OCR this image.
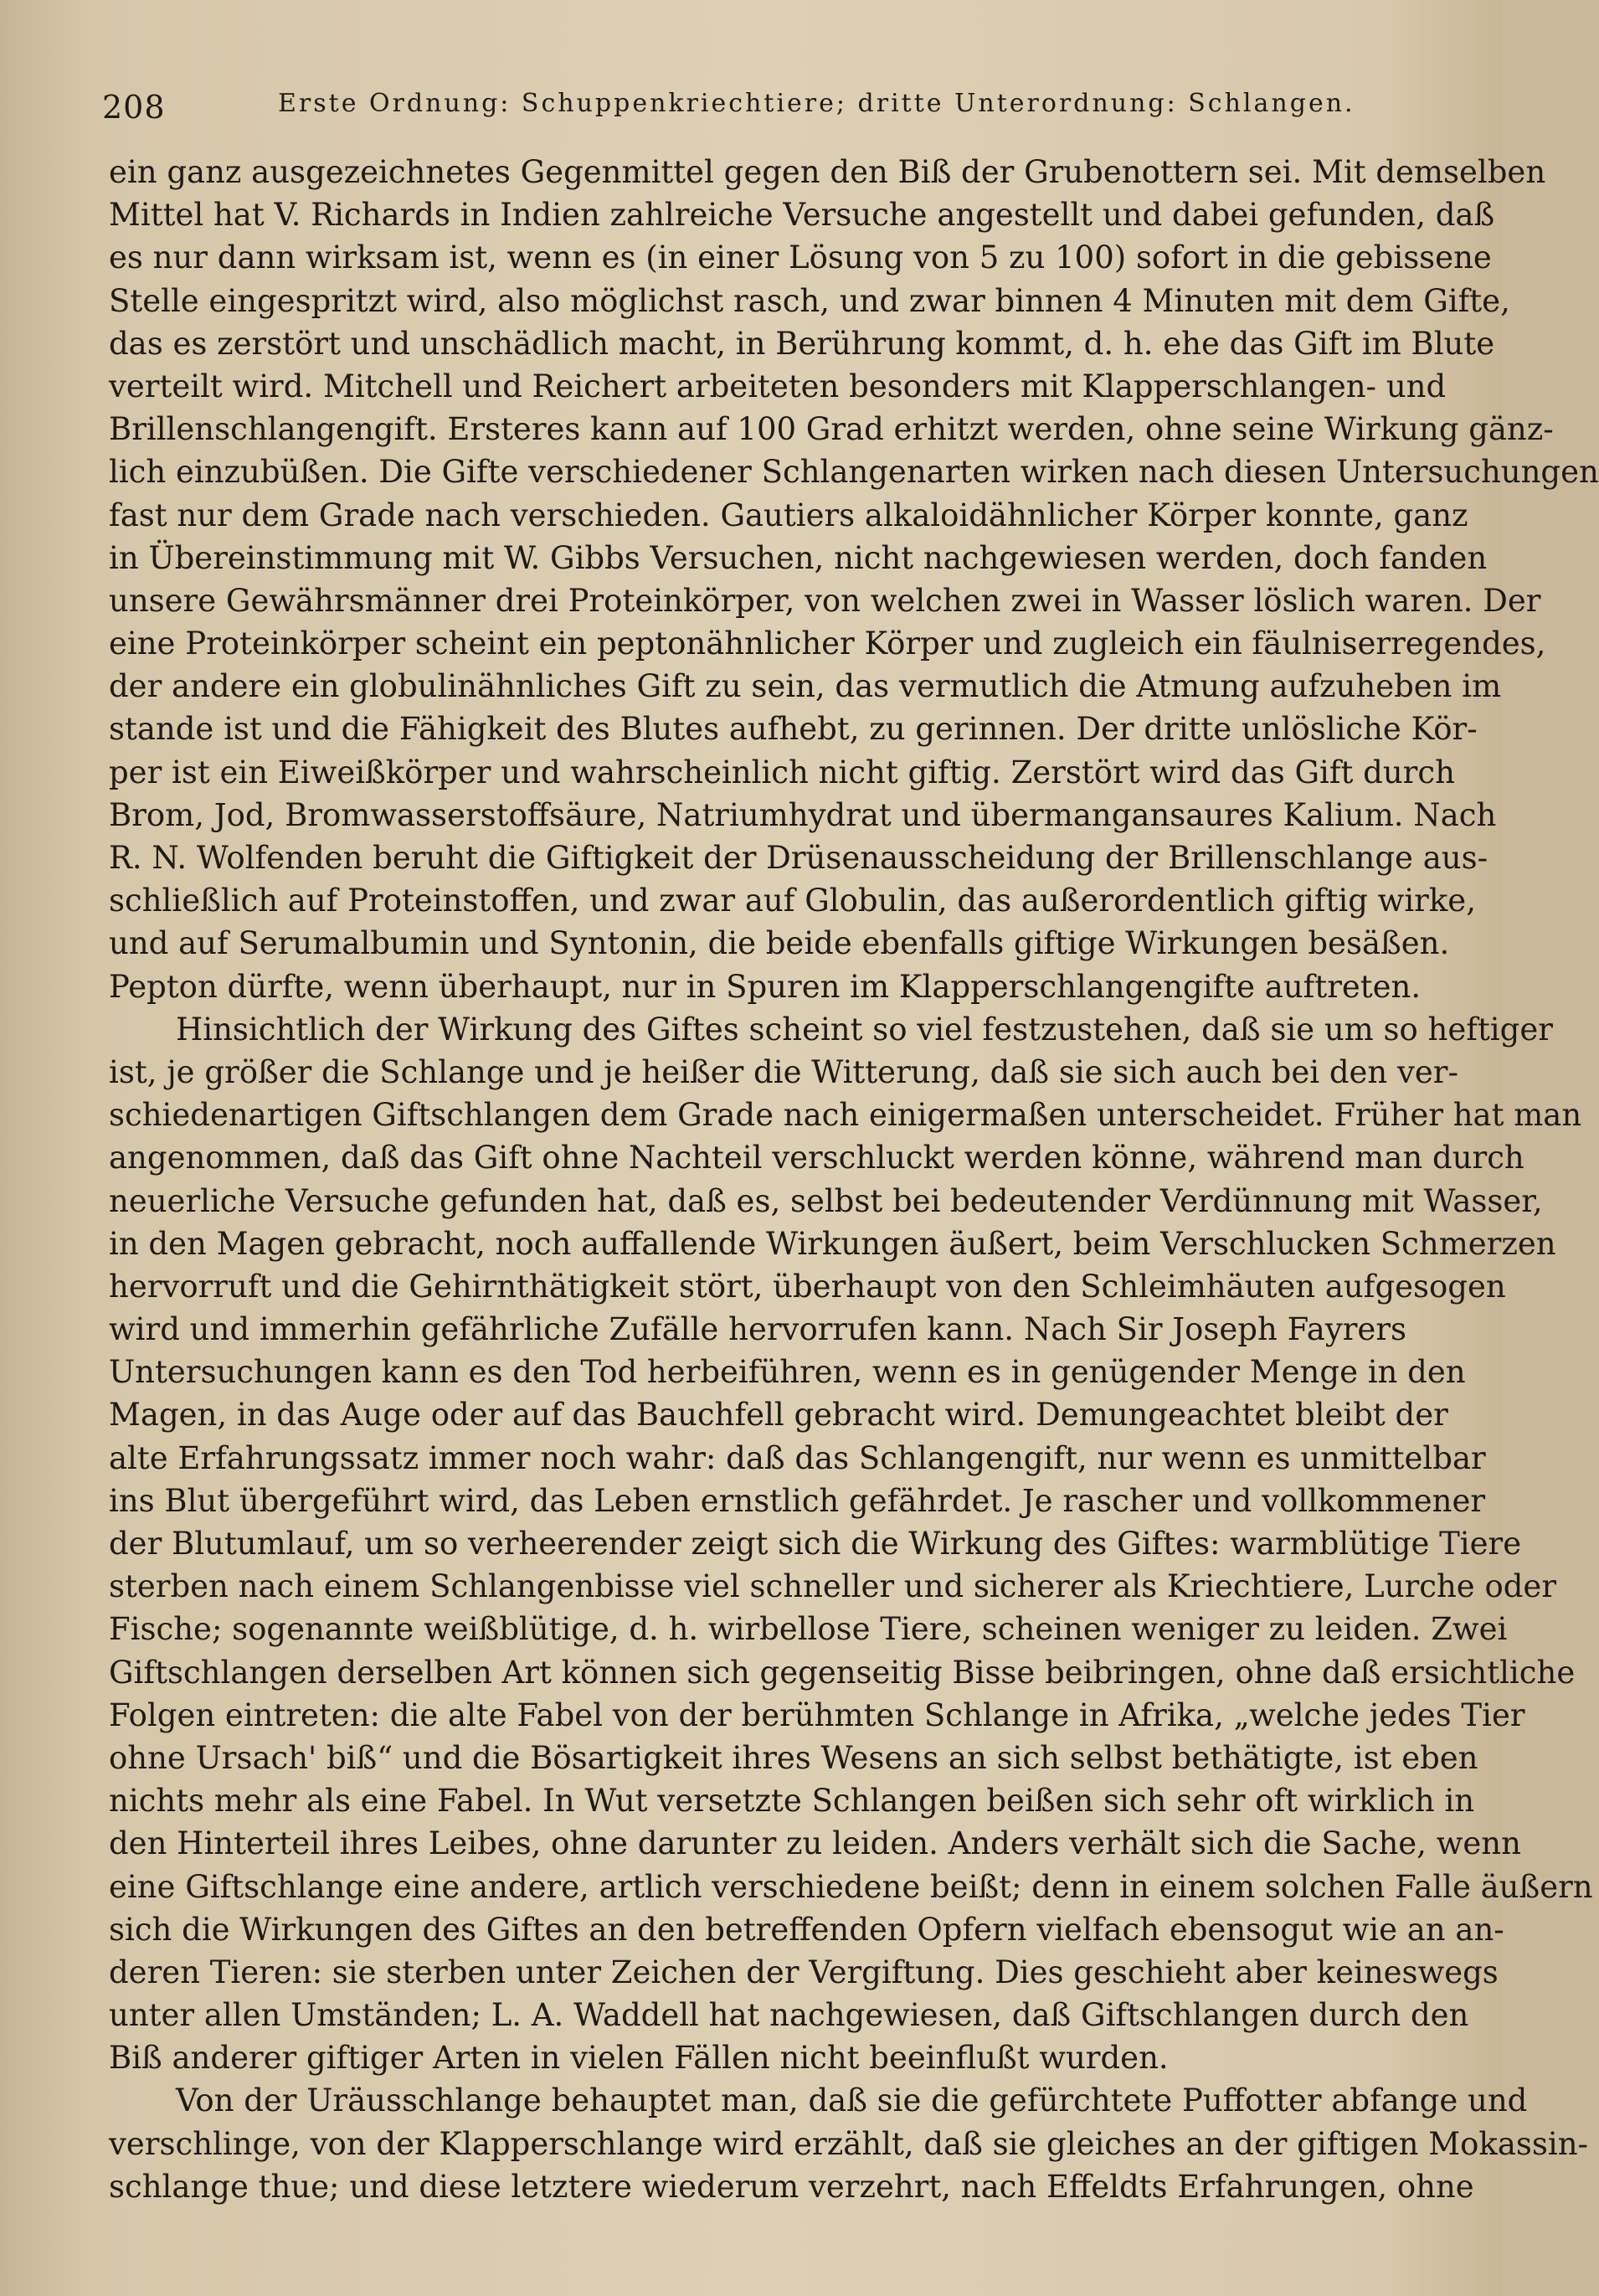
208	Erste Ordnung: Schuppenkriechtiere; dritte Unterordnung: Schlangen.
ein ganz ausgezeichnetes Gegenmittel gegen den Biß der Grubenottern sei. Mit demselben
Mittel hat V. Richards in Indien zahlreiche Versuche angestellt und dabei gefunden, daß
es nur dann wirksam ist, wenn es (in einer Lösung von 5 zu 100) sofort in die gebissene
Stelle eingespritzt wird, also möglichst rasch, und zwar binnen 4 Minuten mit dem Gifte,
das es zerstört und unschädlich macht, in Berührung kommt, d. h. ehe das Gift im Blute
verteilt wird. Mitchell und Reichert arbeiteten besonders mit Klapperschlangen- und
Brillenschlangengift. Ersteres kann auf 100 Grad erhitzt werden, ohne seine Wirkung gänz-
lich einzubüßen. Die Gifte verschiedener Schlangenarten wirken nach diesen Untersuchungen
fast nur dem Grade nach verschieden. Gautiers alkaloidähnlicher Körper konnte, ganz
in Übereinstimmung mit W. Gibbs Versuchen, nicht nachgewiesen werden, doch fanden
unsere Gewährsmänner drei Proteinkörper, von welchen zwei in Wasser löslich waren. Der
eine Proteinkörper scheint ein peptonähnlicher Körper und zugleich ein fäulniserregendes,
der andere ein globulinähnliches Gift zu sein, das vermutlich die Atmung aufzuheben im
stande ist und die Fähigkeit des Blutes aufhebt, zu gerinnen. Der dritte unlösliche Kör-
per ist ein Eiweißkörper und wahrscheinlich nicht giftig. Zerstört wird das Gift durch
Brom, Jod, Bromwasserstoffsäure, Natriumhydrat und übermangansaures Kalium. Nach
R. N. Wolfenden beruht die Giftigkeit der Drüsenausscheidung der Brillenschlange aus-
schließlich auf Proteinstoffen, und zwar auf Globulin, das außerordentlich giftig wirke,
und auf Serumalbumin und Syntonin, die beide ebenfalls giftige Wirkungen besäßen.
Pepton dürfte, wenn überhaupt, nur in Spuren im Klapperschlangengifte auftreten.
Hinsichtlich der Wirkung des Giftes scheint so viel festzustehen, daß sie um so heftiger
ist, je größer die Schlange und je heißer die Witterung, daß sie sich auch bei den ver-
schiedenartigen Giftschlangen dem Grade nach einigermaßen unterscheidet. Früher hat man
angenommen, daß das Gift ohne Nachteil verschluckt werden könne, während man durch
neuerliche Versuche gefunden hat, daß es, selbst bei bedeutender Verdünnung mit Wasser,
in den Magen gebracht, noch auffallende Wirkungen äußert, beim Verschlucken Schmerzen
hervorruft und die Gehirnthätigkeit stört, überhaupt von den Schleimhäuten aufgesogen
wird und immerhin gefährliche Zufälle hervorrufen kann. Nach Sir Joseph Fayrers
Untersuchungen kann es den Tod herbeiführen, wenn es in genügender Menge in den
Magen, in das Auge oder auf das Bauchfell gebracht wird. Demungeachtet bleibt der
alte Erfahrungssatz immer noch wahr: daß das Schlangengift, nur wenn es unmittelbar
ins Blut übergeführt wird, das Leben ernstlich gefährdet. Je rascher und vollkommener
der Blutumlauf, um so verheerender zeigt sich die Wirkung des Giftes: warmblütige Tiere
sterben nach einem Schlangenbisse viel schneller und sicherer als Kriechtiere, Lurche oder
Fische; sogenannte weißblütige, d. h. wirbellose Tiere, scheinen weniger zu leiden. Zwei
Giftschlangen derselben Art können sich gegenseitig Bisse beibringen, ohne daß ersichtliche
Folgen eintreten: die alte Fabel von der berühmten Schlange in Afrika, „welche jedes Tier
ohne Ursach' biß“ und die Bösartigkeit ihres Wesens an sich selbst bethätigte, ist eben
nichts mehr als eine Fabel. In Wut versetzte Schlangen beißen sich sehr oft wirklich in
den Hinterteil ihres Leibes, ohne darunter zu leiden. Anders verhält sich die Sache, wenn
eine Giftschlange eine andere, artlich verschiedene beißt; denn in einem solchen Falle äußern
sich die Wirkungen des Giftes an den betreffenden Opfern vielfach ebensogut wie an an-
deren Tieren: sie sterben unter Zeichen der Vergiftung. Dies geschieht aber keineswegs
unter allen Umständen; L. A. Waddell hat nachgewiesen, daß Giftschlangen durch den
Biß anderer giftiger Arten in vielen Fällen nicht beeinflußt wurden.
Von der Uräusschlange behauptet man, daß sie die gefürchtete Puffotter abfange und
verschlinge, von der Klapperschlange wird erzählt, daß sie gleiches an der giftigen Mokassin-
schlange thue; und diese letztere wiederum verzehrt, nach Effeldts Erfahrungen, ohne
